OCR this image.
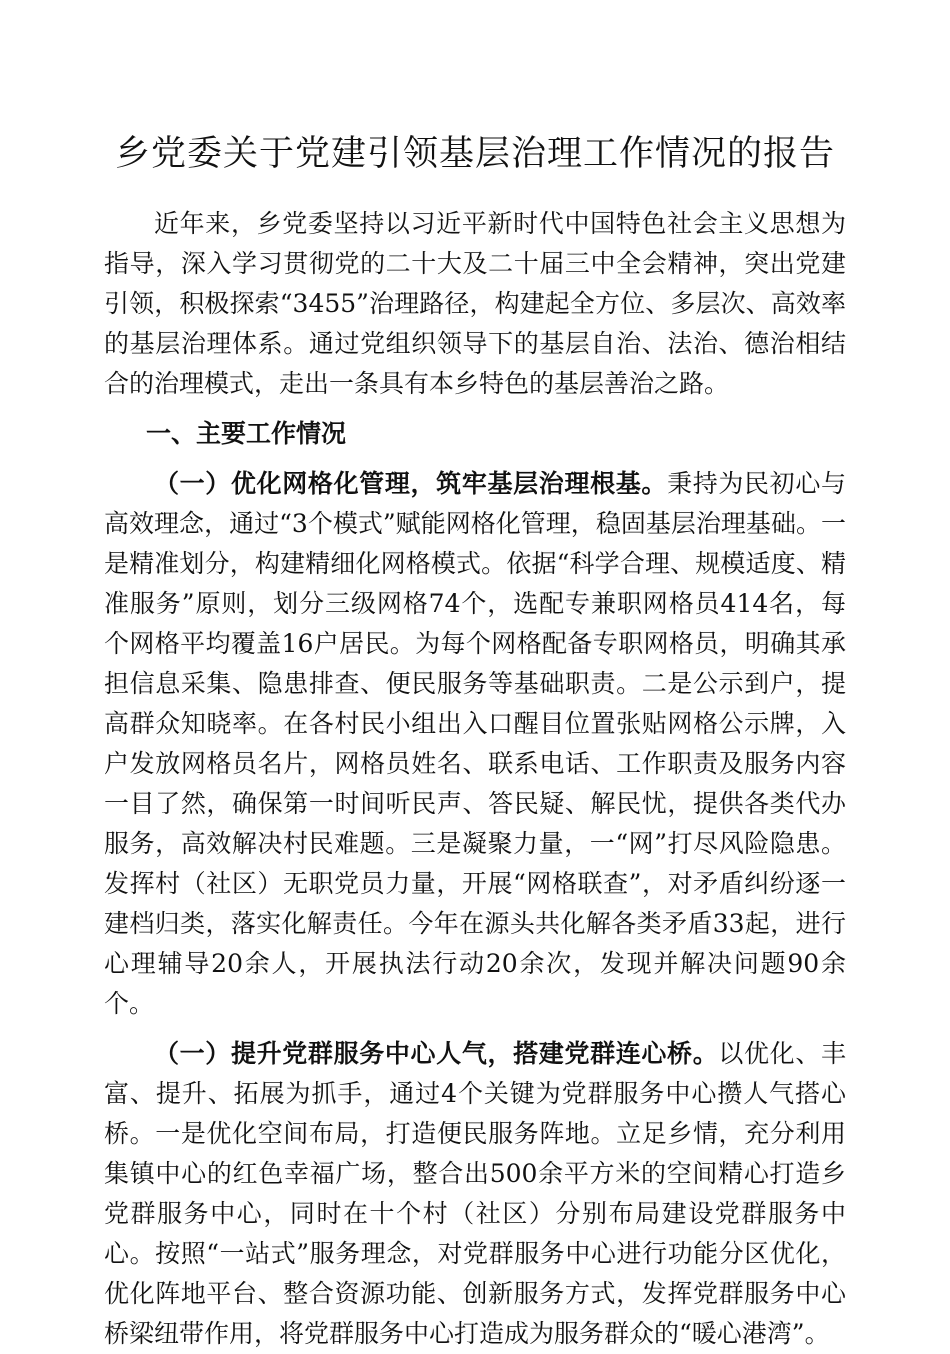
乡党委关于党建引领基层治理工作情况的报告

近年来，乡党委坚持以习近平新时代中国特色社会主义思想为指导，深入学习贯彻党的二十大及二十届三中全会精神，突出党建引领，积极探索“3455”治理路径，构建起全方位、多层次、高效率的基层治理体系。通过党组织领导下的基层自治、法治、德治相结合的治理模式，走出一条具有本乡特色的基层善治之路。

一、主要工作情况

（一）优化网格化管理，筑牢基层治理根基。秉持为民初心与高效理念，通过“3个模式”赋能网格化管理，稳固基层治理基础。一是精准划分，构建精细化网格模式。依据“科学合理、规模适度、精准服务”原则，划分三级网格74个，选配专兼职网格员414名，每个网格平均覆盖16户居民。为每个网格配备专职网格员，明确其承担信息采集、隐患排查、便民服务等基础职责。二是公示到户，提高群众知晓率。在各村民小组出入口醒目位置张贴网格公示牌，入户发放网格员名片，网格员姓名、联系电话、工作职责及服务内容一目了然，确保第一时间听民声、答民疑、解民忧，提供各类代办服务，高效解决村民难题。三是凝聚力量，一“网”打尽风险隐患。发挥村（社区）无职党员力量，开展“网格联查”，对矛盾纠纷逐一建档归类，落实化解责任。今年在源头共化解各类矛盾33起，进行心理辅导20余人，开展执法行动20余次，发现并解决问题90余个。

（一）提升党群服务中心人气，搭建党群连心桥。以优化、丰富、提升、拓展为抓手，通过4个关键为党群服务中心攒人气搭心桥。一是优化空间布局，打造便民服务阵地。立足乡情，充分利用集镇中心的红色幸福广场，整合出500余平方米的空间精心打造乡党群服务中心，同时在十个村（社区）分别布局建设党群服务中心。按照“一站式”服务理念，对党群服务中心进行功能分区优化，优化阵地平台、整合资源功能、创新服务方式，发挥党群服务中心桥梁纽带作用，将党群服务中心打造成为服务群众的“暖心港湾”。
